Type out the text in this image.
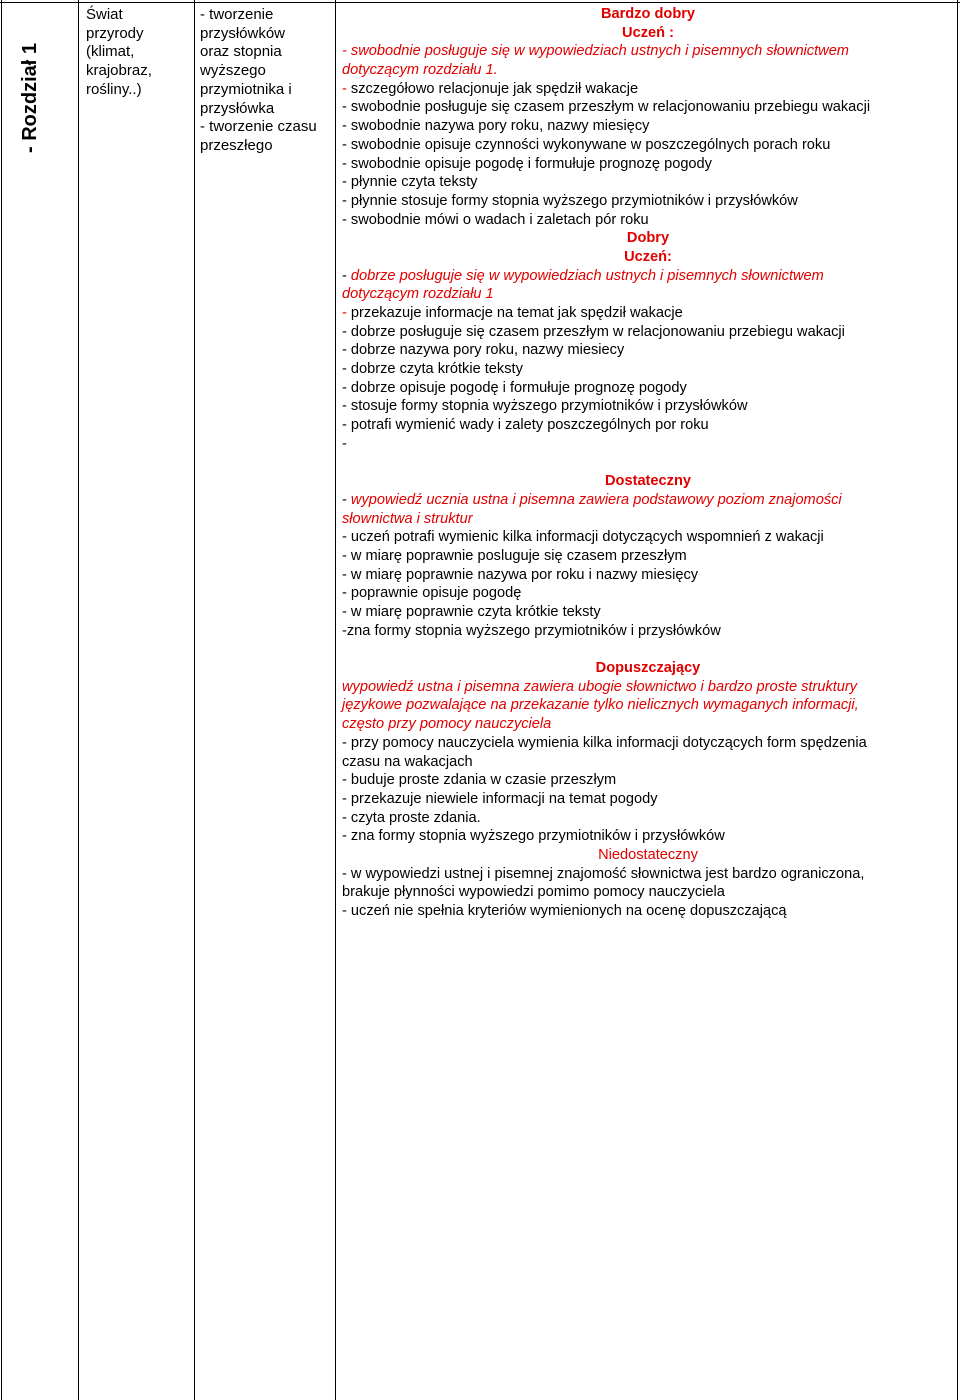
- Rozdział 1
Świat
przyrody
(klimat,
krajobraz,
rośliny..)
- tworzenie
przysłówków
oraz stopnia
wyższego
przymiotnika i
przysłówka
- tworzenie czasu
przeszłego
Bardzo dobry
Uczeń :
- swobodnie posługuje się w wypowiedziach ustnych i pisemnych słownictwem
dotyczącym rozdziału 1.
- szczegółowo relacjonuje jak spędził wakacje
- swobodnie posługuje się czasem przeszłym w relacjonowaniu przebiegu wakacji
- swobodnie nazywa pory roku, nazwy miesięcy
- swobodnie opisuje czynności wykonywane w poszczególnych porach roku
- swobodnie opisuje pogodę i formułuje prognozę pogody
- płynnie czyta teksty
- płynnie stosuje formy stopnia wyższego przymiotników i przysłówków
- swobodnie mówi o wadach i zaletach pór roku
Dobry
Uczeń:
- dobrze posługuje się w wypowiedziach ustnych i pisemnych słownictwem
dotyczącym rozdziału 1
- przekazuje informacje na temat jak spędził wakacje
- dobrze posługuje się czasem przeszłym w relacjonowaniu przebiegu wakacji
- dobrze nazywa pory roku, nazwy miesiecy
- dobrze czyta krótkie teksty
- dobrze opisuje pogodę i formułuje prognozę pogody
- stosuje formy stopnia wyższego przymiotników i przysłówków
- potrafi wymienić wady i zalety poszczególnych por roku
-
Dostateczny
- wypowiedź ucznia ustna i pisemna zawiera podstawowy poziom znajomości
słownictwa i struktur
- uczeń potrafi wymienic kilka informacji dotyczących wspomnień z wakacji
- w miarę poprawnie posluguje się czasem przeszłym
- w miarę poprawnie nazywa por roku i nazwy miesięcy
- poprawnie opisuje pogodę
- w miarę poprawnie czyta krótkie teksty
-zna formy stopnia wyższego przymiotników i przysłówków
Dopuszczający
wypowiedź ustna i pisemna zawiera ubogie słownictwo i bardzo proste struktury
językowe pozwalające na przekazanie tylko nielicznych wymaganych informacji,
często przy pomocy nauczyciela
- przy pomocy nauczyciela wymienia kilka informacji dotyczących form spędzenia
czasu na wakacjach
- buduje proste zdania w czasie przeszłym
- przekazuje niewiele informacji na temat pogody
- czyta proste zdania.
- zna formy stopnia wyższego przymiotników i przysłówków
Niedostateczny
- w wypowiedzi ustnej i pisemnej znajomość słownictwa jest bardzo ograniczona,
brakuje płynności wypowiedzi pomimo pomocy nauczyciela
- uczeń nie spełnia kryteriów wymienionych na ocenę dopuszczającą
